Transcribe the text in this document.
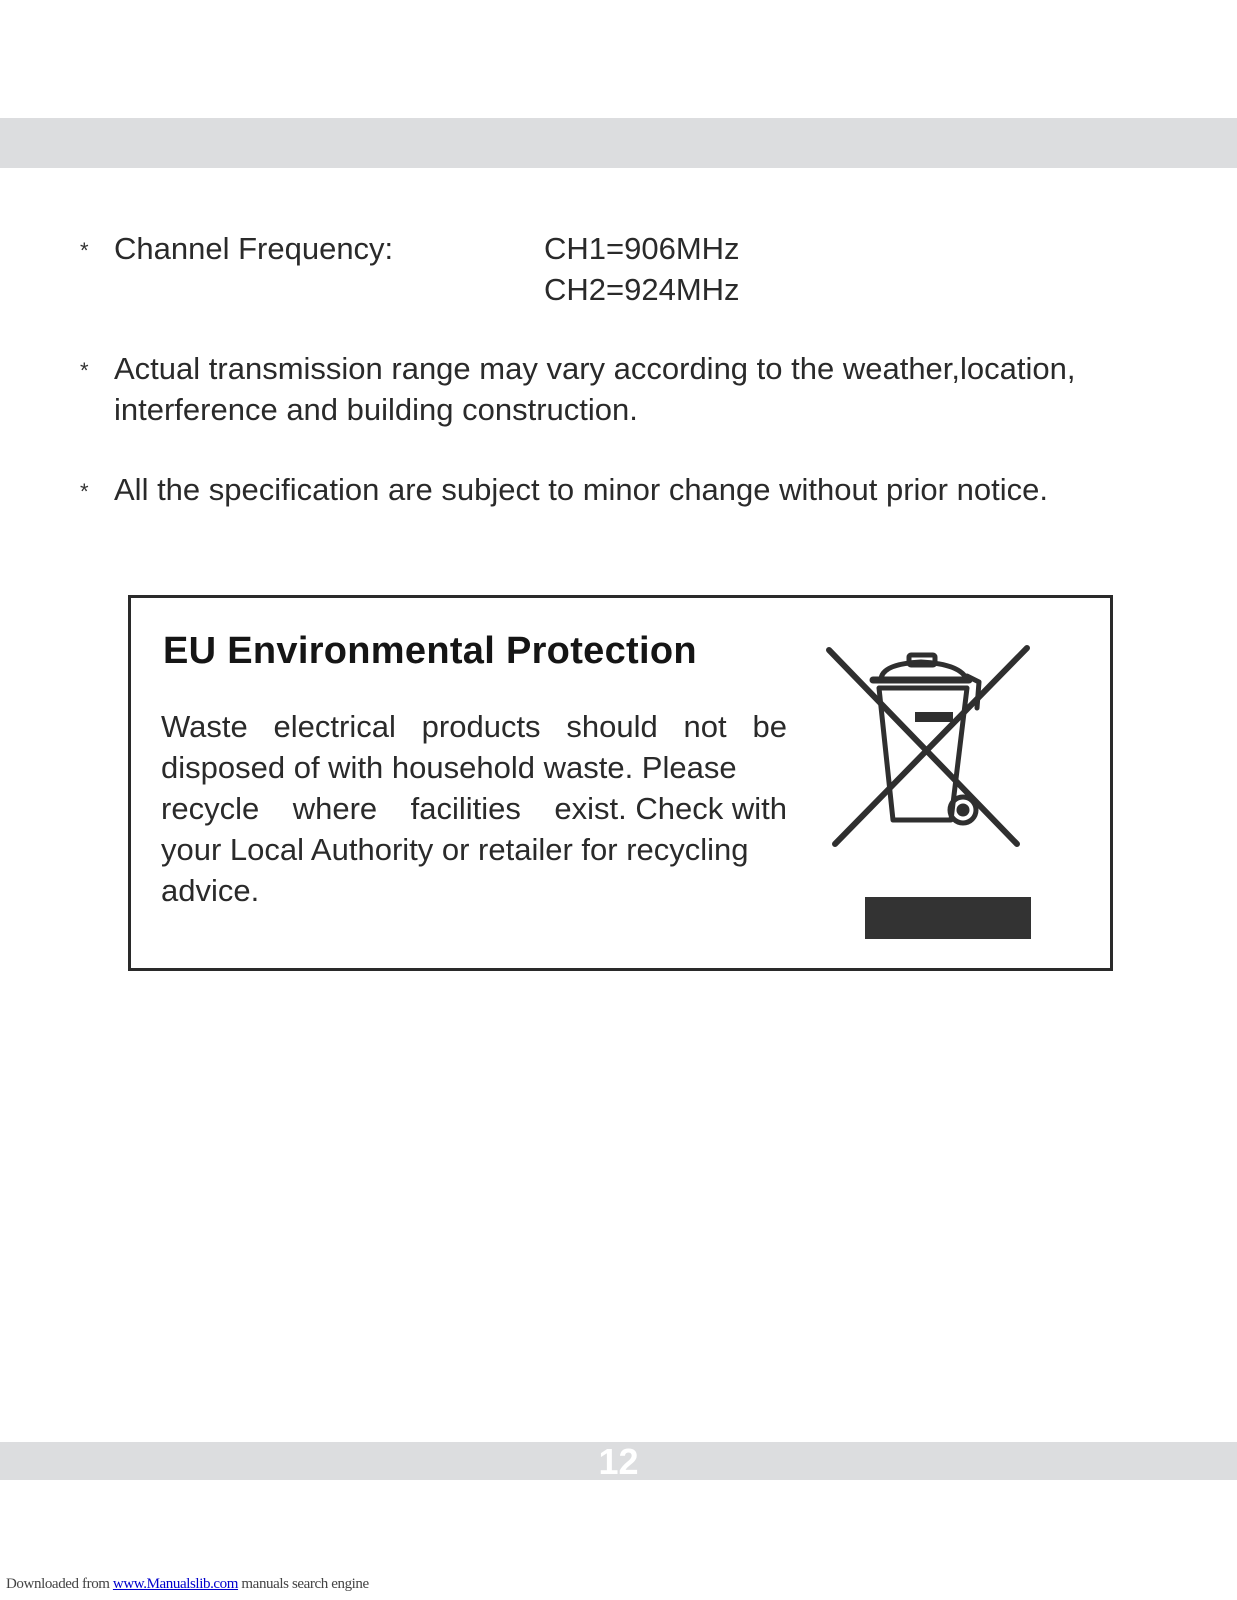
* Channel Frequency:	CH1=906MHz
CH2=924MHz
* Actual transmission range may vary according to the weather,location,
interference and building construction.
* All the specification are subject to minor change without prior notice.
EU Environmental Protection
Waste electrical products should not be
disposed of with household waste. Please
recycle where facilities exist. Check with
your Local Authority or retailer for recycling
advice.
12
Downloaded from www.Manualslib.com manuals search engine
